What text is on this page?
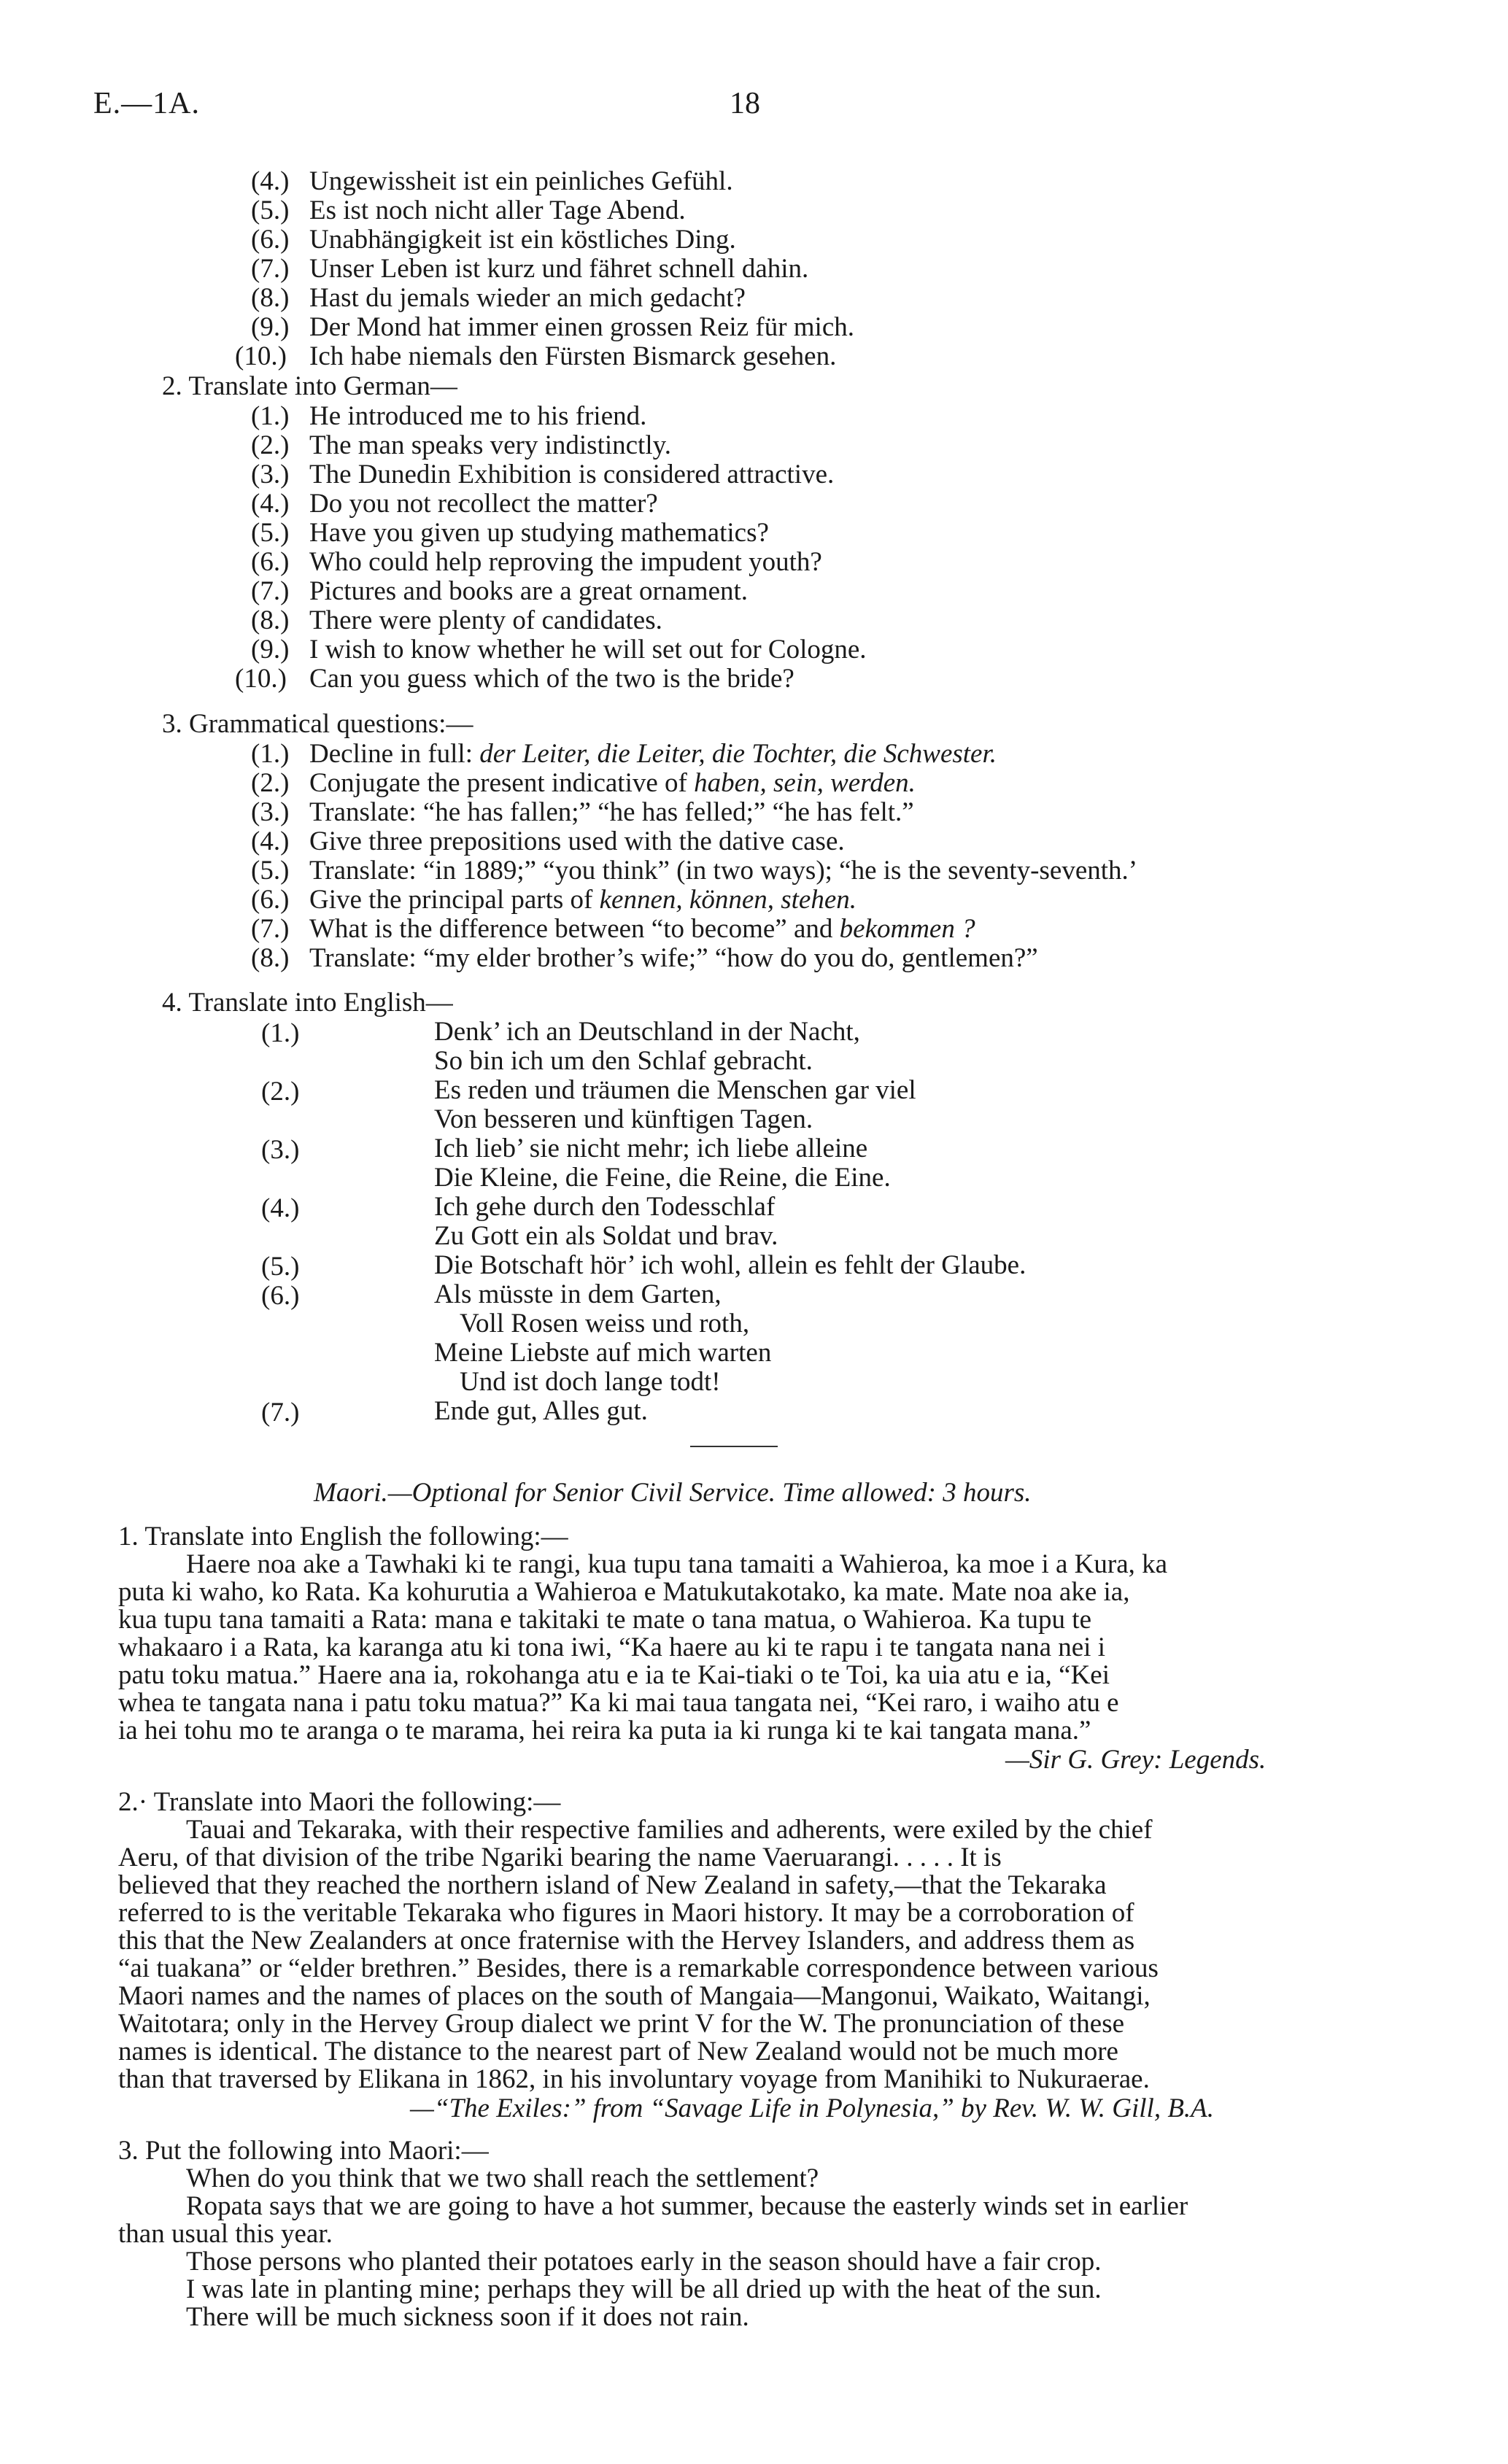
E.—1A.	18
(4.) Ungewissheit ist ein peinliches Gefühl.
(5.) Es ist noch nicht aller Tage Abend.
(6.) Unabhängigkeit ist ein köstliches Ding.
(7.) Unser Leben ist kurz und fähret schnell dahin.
(8.) Hast du jemals wieder an mich gedacht?
(9.) Der Mond hat immer einen grossen Reiz für mich.
(10.) Ich habe niemals den Fürsten Bismarck gesehen.
2. Translate into German—
(1.) He introduced me to his friend.
(2.) The man speaks very indistinctly.
(3.) The Dunedin Exhibition is considered attractive.
(4.) Do you not recollect the matter?
(5.) Have you given up studying mathematics?
(6.) Who could help reproving the impudent youth?
(7.) Pictures and books are a great ornament.
(8.) There were plenty of candidates.
(9.) I wish to know whether he will set out for Cologne.
(10.) Can you guess which of the two is the bride?
3. Grammatical questions:—
(1.) Decline in full: der Leiter, die Leiter, die Tochter, die Schwester.
(2.) Conjugate the present indicative of haben, sein, werden.
(3.) Translate: “he has fallen;” “he has felled;” “he has felt.”
(4.) Give three prepositions used with the dative case.
(5.) Translate: “in 1889;” “you think” (in two ways); “he is the seventy-seventh.’
(6.) Give the principal parts of kennen, können, stehen.
(7.) What is the difference between “to become” and bekommen ?
(8.) Translate: “my elder brother’s wife;” “how do you do, gentlemen?”
4. Translate into English—
(1.)	Denk’ ich an Deutschland in der Nacht,
So bin ich um den Schlaf gebracht.
(2.)	Es reden und träumen die Menschen gar viel
Von besseren und künftigen Tagen.
(3.)	Ich lieb’ sie nicht mehr; ich liebe alleine
Die Kleine, die Feine, die Reine, die Eine.
(4.)	Ich gehe durch den Todesschlaf
Zu Gott ein als Soldat und brav.
(5.)	Die Botschaft hör’ ich wohl, allein es fehlt der Glaube.
(6.)	Als müsste in dem Garten,
Voll Rosen weiss und roth,
Meine Liebste auf mich warten
Und ist doch lange todt!
(7.)	Ende gut, Alles gut.
Maori.—Optional for Senior Civil Service. Time allowed: 3 hours.
1. Translate into English the following:—
Haere noa ake a Tawhaki ki te rangi, kua tupu tana tamaiti a Wahieroa, ka moe i a Kura, ka
puta ki waho, ko Rata. Ka kohurutia a Wahieroa e Matukutakotako, ka mate. Mate noa ake ia,
kua tupu tana tamaiti a Rata: mana e takitaki te mate o tana matua, o Wahieroa. Ka tupu te
whakaaro i a Rata, ka karanga atu ki tona iwi, “Ka haere au ki te rapu i te tangata nana nei i
patu toku matua.” Haere ana ia, rokohanga atu e ia te Kai-tiaki o te Toi, ka uia atu e ia, “Kei
whea te tangata nana i patu toku matua?” Ka ki mai taua tangata nei, “Kei raro, i waiho atu e
ia hei tohu mo te aranga o te marama, hei reira ka puta ia ki runga ki te kai tangata mana.”
—Sir G. Grey: Legends.
2.· Translate into Maori the following:—
Tauai and Tekaraka, with their respective families and adherents, were exiled by the chief
Aeru, of that division of the tribe Ngariki bearing the name Vaeruarangi. . . . . It is
believed that they reached the northern island of New Zealand in safety,—that the Tekaraka
referred to is the veritable Tekaraka who figures in Maori history. It may be a corroboration of
this that the New Zealanders at once fraternise with the Hervey Islanders, and address them as
“ai tuakana” or “elder brethren.” Besides, there is a remarkable correspondence between various
Maori names and the names of places on the south of Mangaia—Mangonui, Waikato, Waitangi,
Waitotara; only in the Hervey Group dialect we print V for the W. The pronunciation of these
names is identical. The distance to the nearest part of New Zealand would not be much more
than that traversed by Elikana in 1862, in his involuntary voyage from Manihiki to Nukuraerae.
—“The Exiles:” from “Savage Life in Polynesia,” by Rev. W. W. Gill, B.A.
3. Put the following into Maori:—
When do you think that we two shall reach the settlement?
Ropata says that we are going to have a hot summer, because the easterly winds set in earlier
than usual this year.
Those persons who planted their potatoes early in the season should have a fair crop.
I was late in planting mine; perhaps they will be all dried up with the heat of the sun.
There will be much sickness soon if it does not rain.
